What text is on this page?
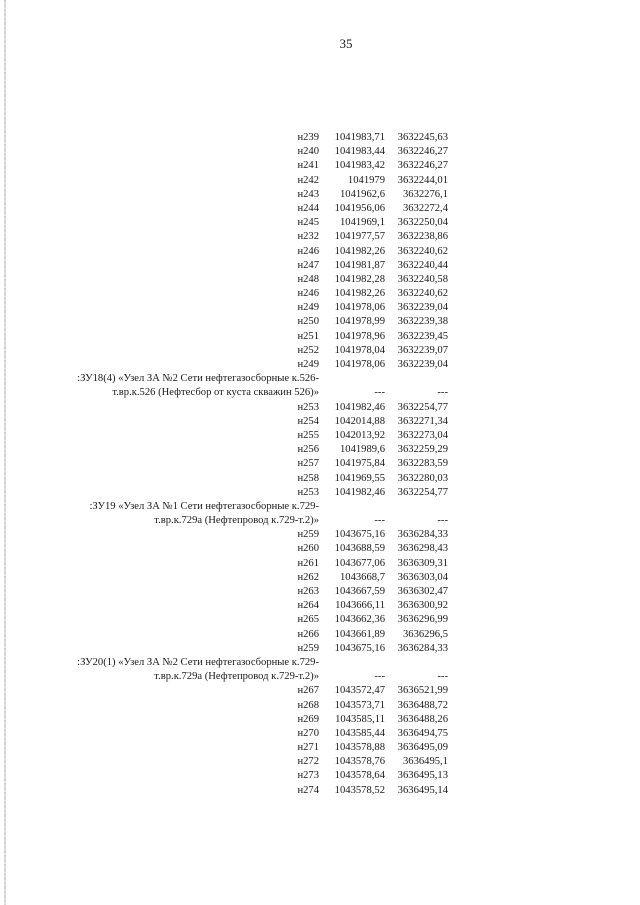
35
н239 1041983,71 3632245,63
н240 1041983,44 3632246,27
н241 1041983,42 3632246,27
н242	1041979 3632244,01
н243 1041962,6 3632276,1
н244 1041956,06 3632272,4
н245 1041969,1 3632250,04
н232 1041977,57 3632238,86
н246 1041982,26 3632240,62
н247 1041981,87 3632240,44
н248 1041982,28 3632240,58
н246 1041982,26 3632240,62
н249 1041978,06 3632239,04
н250 1041978,99 3632239,38
н251 1041978,96 3632239,45
н252 1041978,04 3632239,07
н249 1041978,06 3632239,04
:ЗУ18(4) «Узел ЗА №2 Сети нефтегазосборные к.526-
т.вр.к.526 (Нефтесбор от куста скважин 526)»	---	---
н253 1041982,46 3632254,77
н254 1042014,88 3632271,34
н255 1042013,92 3632273,04
н256 1041989,6 3632259,29
н257 1041975,84 3632283,59
н258 1041969,55 3632280,03
н253 1041982,46 3632254,77
:ЗУ19 «Узел ЗА №1 Сети нефтегазосборные к.729-
т.вр.к.729а (Нефтепровод к.729-т.2)»	---	---
н259 1043675,16 3636284,33
н260 1043688,59 3636298,43
н261 1043677,06 3636309,31
н262 1043668,7 3636303,04
н263 1043667,59 3636302,47
н264 1043666,11 3636300,92
н265 1043662,36 3636296,99
н266 1043661,89 3636296,5
н259 1043675,16 3636284,33
:ЗУ20(1) «Узел ЗА №2 Сети нефтегазосборные к.729-
т.вр.к.729а (Нефтепровод к.729-т.2)»	---	---
н267 1043572,47 3636521,99
н268 1043573,71 3636488,72
н269 1043585,11 3636488,26
н270 1043585,44 3636494,75
н271 1043578,88 3636495,09
н272 1043578,76 3636495,1
н273 1043578,64 3636495,13
н274 1043578,52 3636495,14
